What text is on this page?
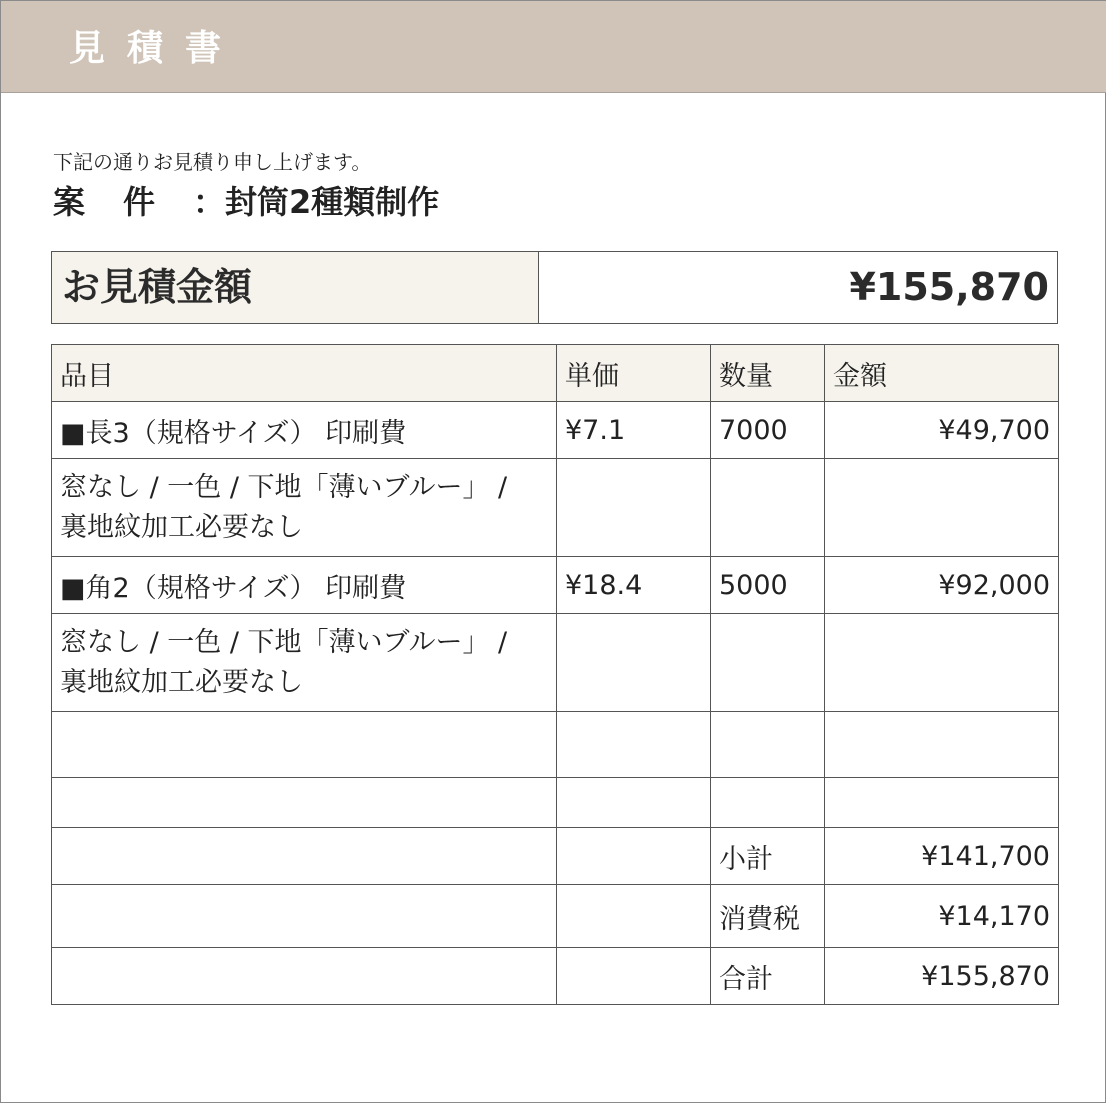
見積書
下記の通りお見積り申し上げます。
案件：封筒2種類制作
お見積金額	¥155,870
品目	単価	数量	金額
■長3（規格サイズ） 印刷費	¥7.1	7000	¥49,700

窓なし / 一色 / 下地「薄いブルー」 /
裏地紋加工必要なし			

■角2（規格サイズ） 印刷費	¥18.4	5000	¥92,000

窓なし / 一色 / 下地「薄いブルー」 /
裏地紋加工必要なし			

		小計	¥141,700
		消費税	¥14,170
		合計	¥155,870
